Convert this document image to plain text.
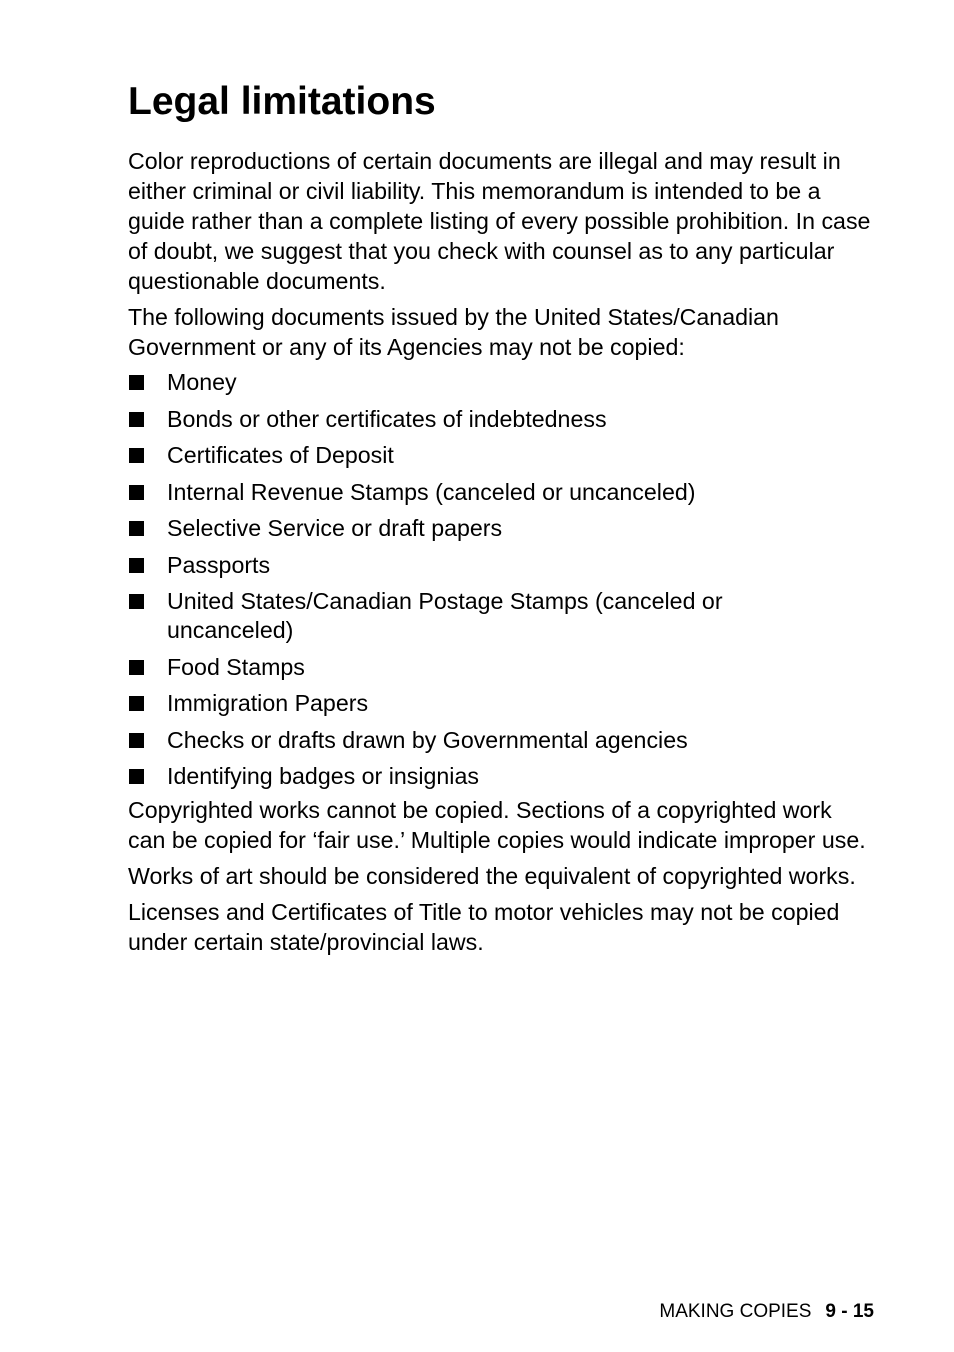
Legal limitations

Color reproductions of certain documents are illegal and may result in either criminal or civil liability. This memorandum is intended to be a guide rather than a complete listing of every possible prohibition. In case of doubt, we suggest that you check with counsel as to any particular questionable documents.

The following documents issued by the United States/Canadian Government or any of its Agencies may not be copied:

Money
Bonds or other certificates of indebtedness
Certificates of Deposit
Internal Revenue Stamps (canceled or uncanceled)
Selective Service or draft papers
Passports
United States/Canadian Postage Stamps (canceled or uncanceled)
Food Stamps
Immigration Papers
Checks or drafts drawn by Governmental agencies
Identifying badges or insignias

Copyrighted works cannot be copied. Sections of a copyrighted work can be copied for ‘fair use.’ Multiple copies would indicate improper use.

Works of art should be considered the equivalent of copyrighted works.

Licenses and Certificates of Title to motor vehicles may not be copied under certain state/provincial laws.

MAKING COPIES 9 - 15
